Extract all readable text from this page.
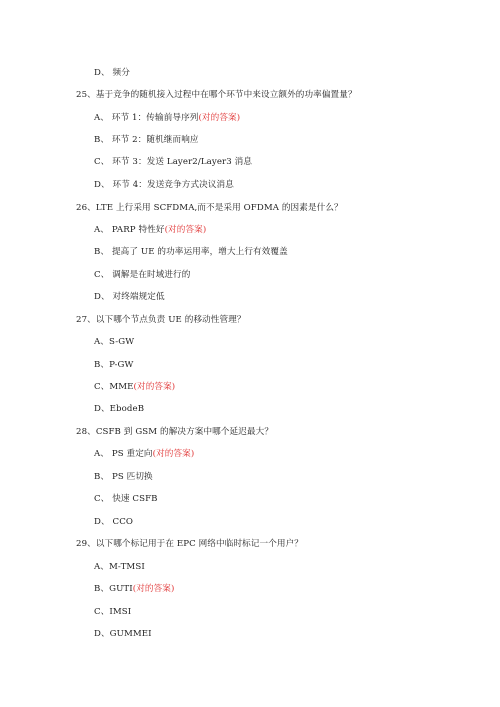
D、 频分
25、基于竞争的随机接入过程中在哪个环节中来设立额外的功率偏置量？
A、 环节 1：传输前导序列(对的答案)
B、 环节 2：随机继而响应
C、 环节 3：发送 Layer2/Layer3 消息
D、 环节 4：发送竞争方式决议消息
26、LTE 上行采用 SCFDMA,而不是采用 OFDMA 的因素是什么？
A、 PARP 特性好(对的答案)
B、 提高了 UE 的功率运用率，增大上行有效覆盖
C、 调解是在时域进行的
D、 对终端规定低
27、以下哪个节点负责 UE 的移动性管理？
A、S-GW
B、P-GW
C、MME(对的答案)
D、EbodeB
28、CSFB 到 GSM 的解决方案中哪个延迟最大？
A、 PS 重定向(对的答案)
B、 PS 匹切换
C、 快速 CSFB
D、 CCO
29、以下哪个标记用于在 EPC 网络中临时标记一个用户？
A、M-TMSI
B、GUTI(对的答案)
C、IMSI
D、GUMMEI
